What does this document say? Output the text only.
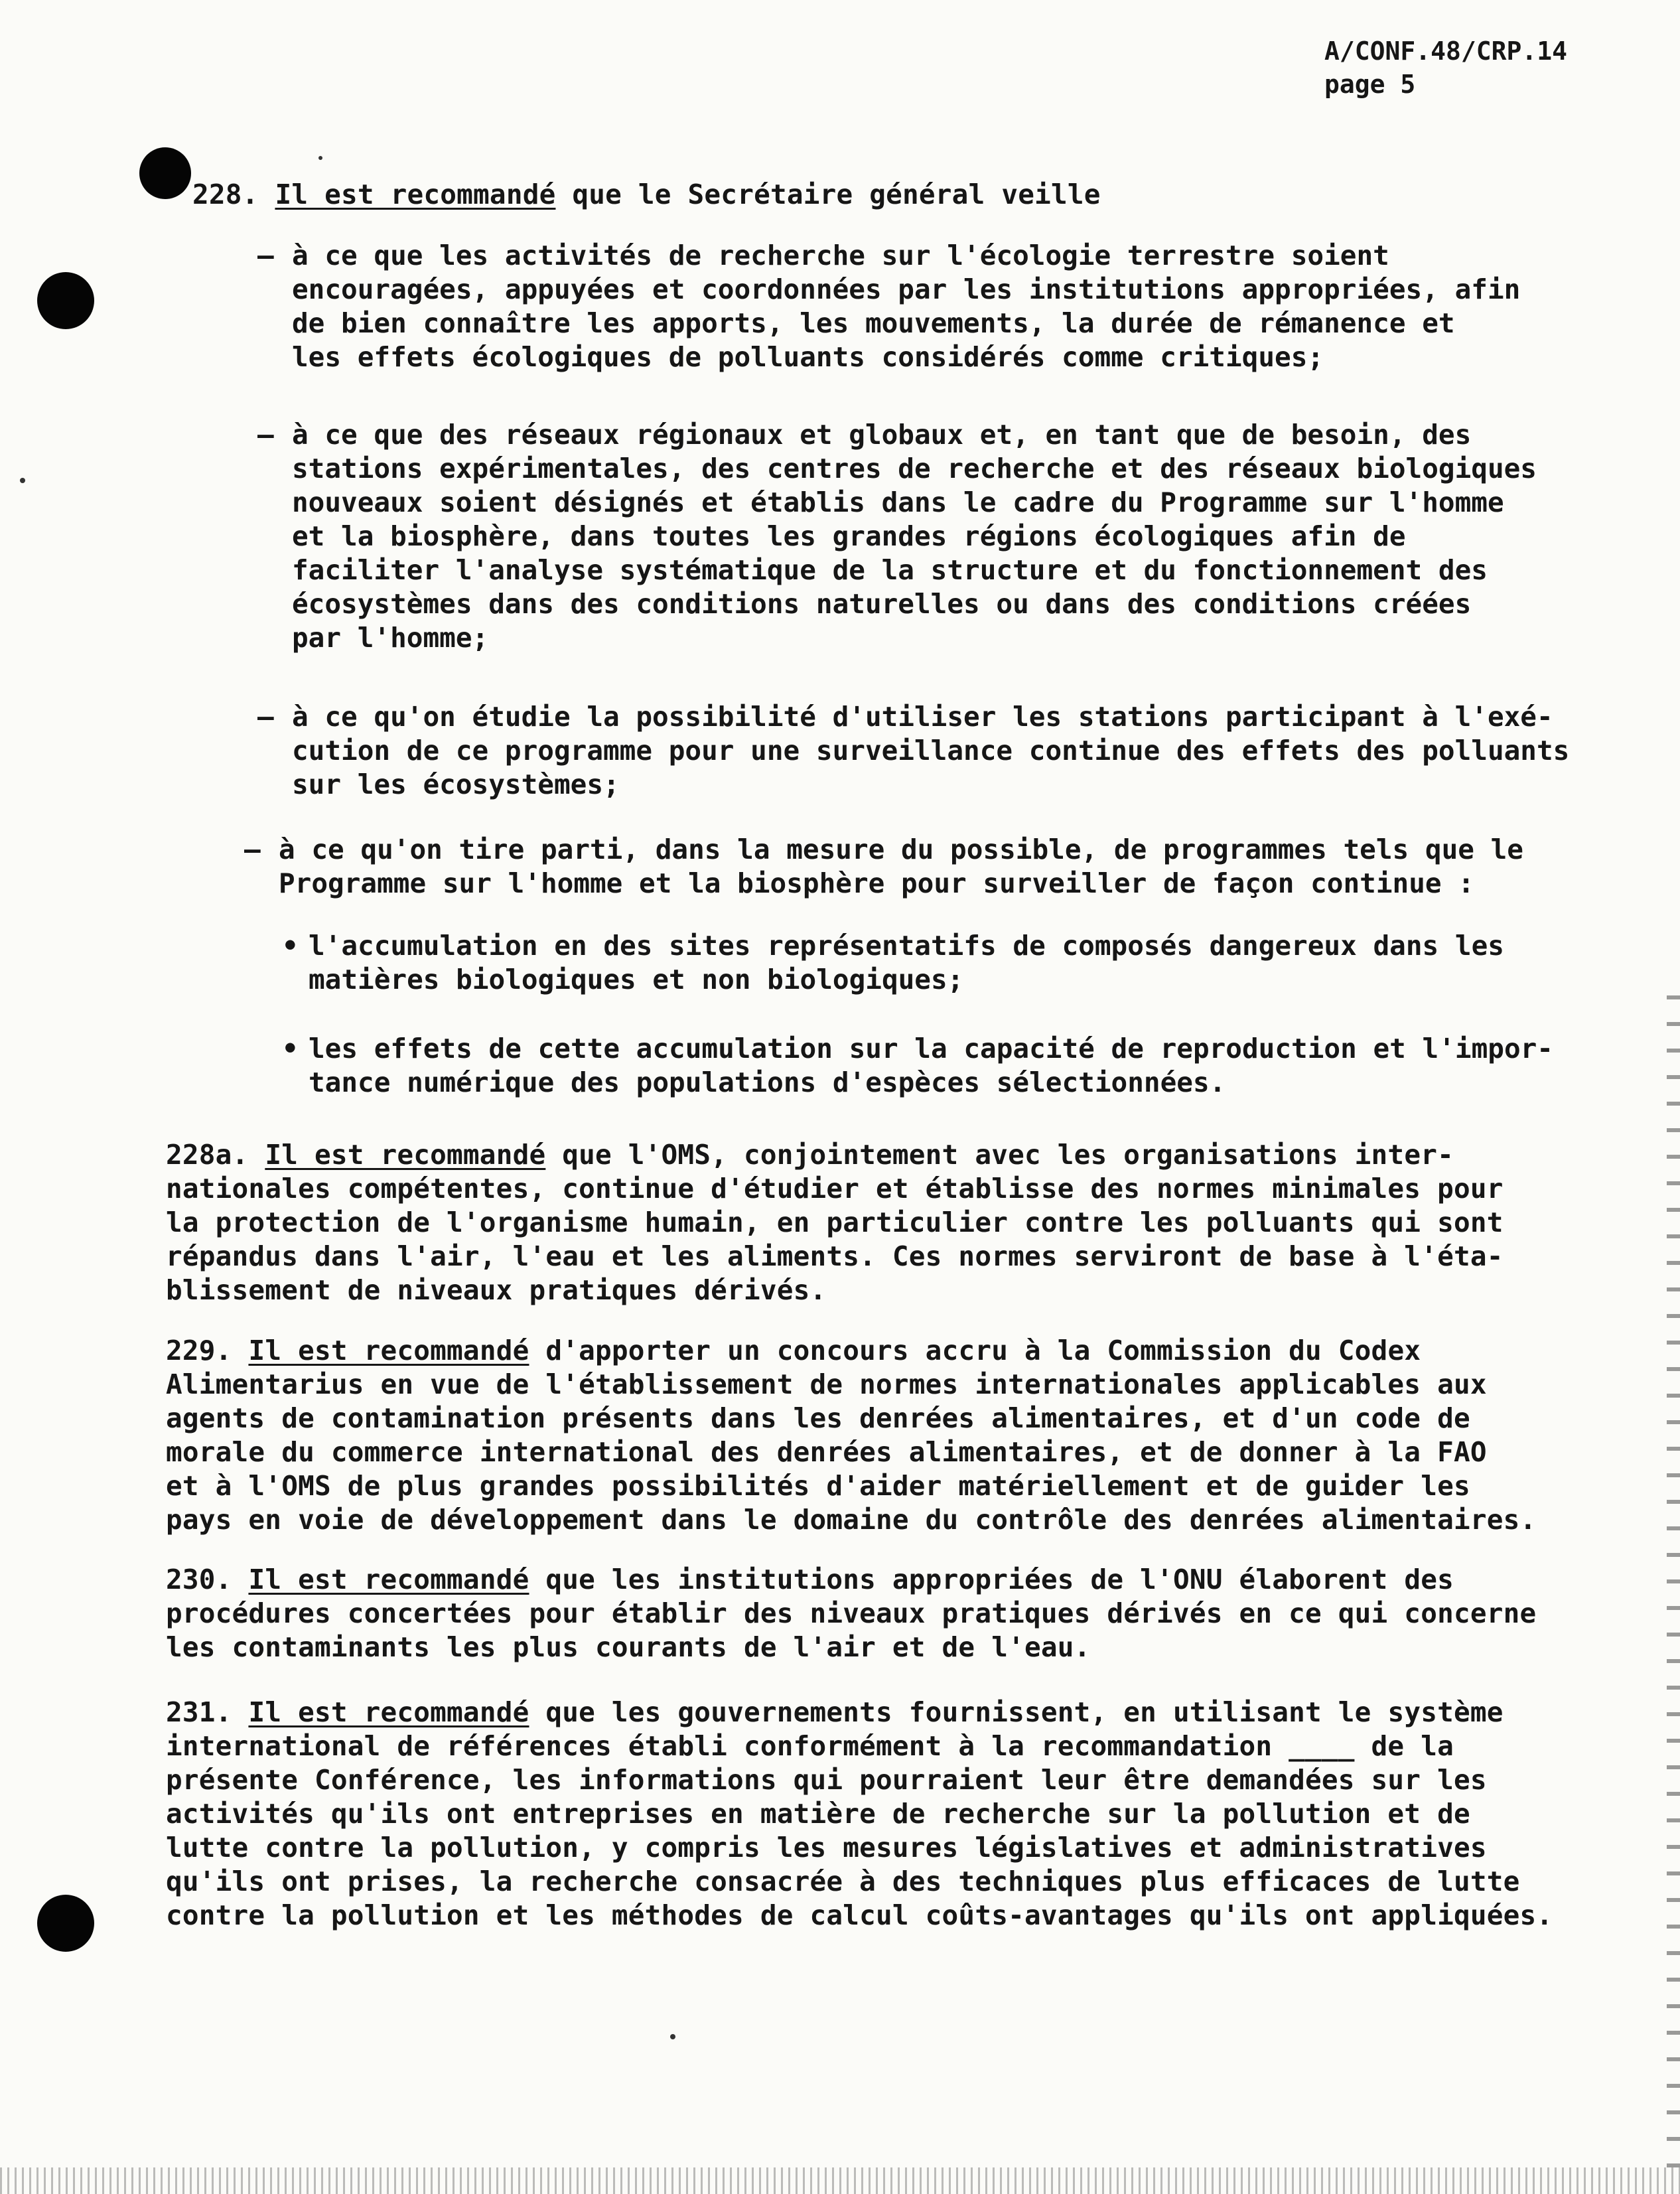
A/CONF.48/CRP.14
page 5
228. Il est recommandé que le Secrétaire général veille
– à ce que les activités de recherche sur l'écologie terrestre soient
encouragées, appuyées et coordonnées par les institutions appropriées, afin
de bien connaître les apports, les mouvements, la durée de rémanence et
les effets écologiques de polluants considérés comme critiques;
– à ce que des réseaux régionaux et globaux et, en tant que de besoin, des
stations expérimentales, des centres de recherche et des réseaux biologiques
nouveaux soient désignés et établis dans le cadre du Programme sur l'homme
et la biosphère, dans toutes les grandes régions écologiques afin de
faciliter l'analyse systématique de la structure et du fonctionnement des
écosystèmes dans des conditions naturelles ou dans des conditions créées
par l'homme;
– à ce qu'on étudie la possibilité d'utiliser les stations participant à l'exé-
cution de ce programme pour une surveillance continue des effets des polluants
sur les écosystèmes;
– à ce qu'on tire parti, dans la mesure du possible, de programmes tels que le
Programme sur l'homme et la biosphère pour surveiller de façon continue :
• l'accumulation en des sites représentatifs de composés dangereux dans les
matières biologiques et non biologiques;
• les effets de cette accumulation sur la capacité de reproduction et l'impor-
tance numérique des populations d'espèces sélectionnées.
228a. Il est recommandé que l'OMS, conjointement avec les organisations inter-
nationales compétentes, continue d'étudier et établisse des normes minimales pour
la protection de l'organisme humain, en particulier contre les polluants qui sont
répandus dans l'air, l'eau et les aliments. Ces normes serviront de base à l'éta-
blissement de niveaux pratiques dérivés.
229. Il est recommandé d'apporter un concours accru à la Commission du Codex
Alimentarius en vue de l'établissement de normes internationales applicables aux
agents de contamination présents dans les denrées alimentaires, et d'un code de
morale du commerce international des denrées alimentaires, et de donner à la FAO
et à l'OMS de plus grandes possibilités d'aider matériellement et de guider les
pays en voie de développement dans le domaine du contrôle des denrées alimentaires.
230. Il est recommandé que les institutions appropriées de l'ONU élaborent des
procédures concertées pour établir des niveaux pratiques dérivés en ce qui concerne
les contaminants les plus courants de l'air et de l'eau.
231. Il est recommandé que les gouvernements fournissent, en utilisant le système
international de références établi conformément à la recommandation ____ de la
présente Conférence, les informations qui pourraient leur être demandées sur les
activités qu'ils ont entreprises en matière de recherche sur la pollution et de
lutte contre la pollution, y compris les mesures législatives et administratives
qu'ils ont prises, la recherche consacrée à des techniques plus efficaces de lutte
contre la pollution et les méthodes de calcul coûts-avantages qu'ils ont appliquées.
